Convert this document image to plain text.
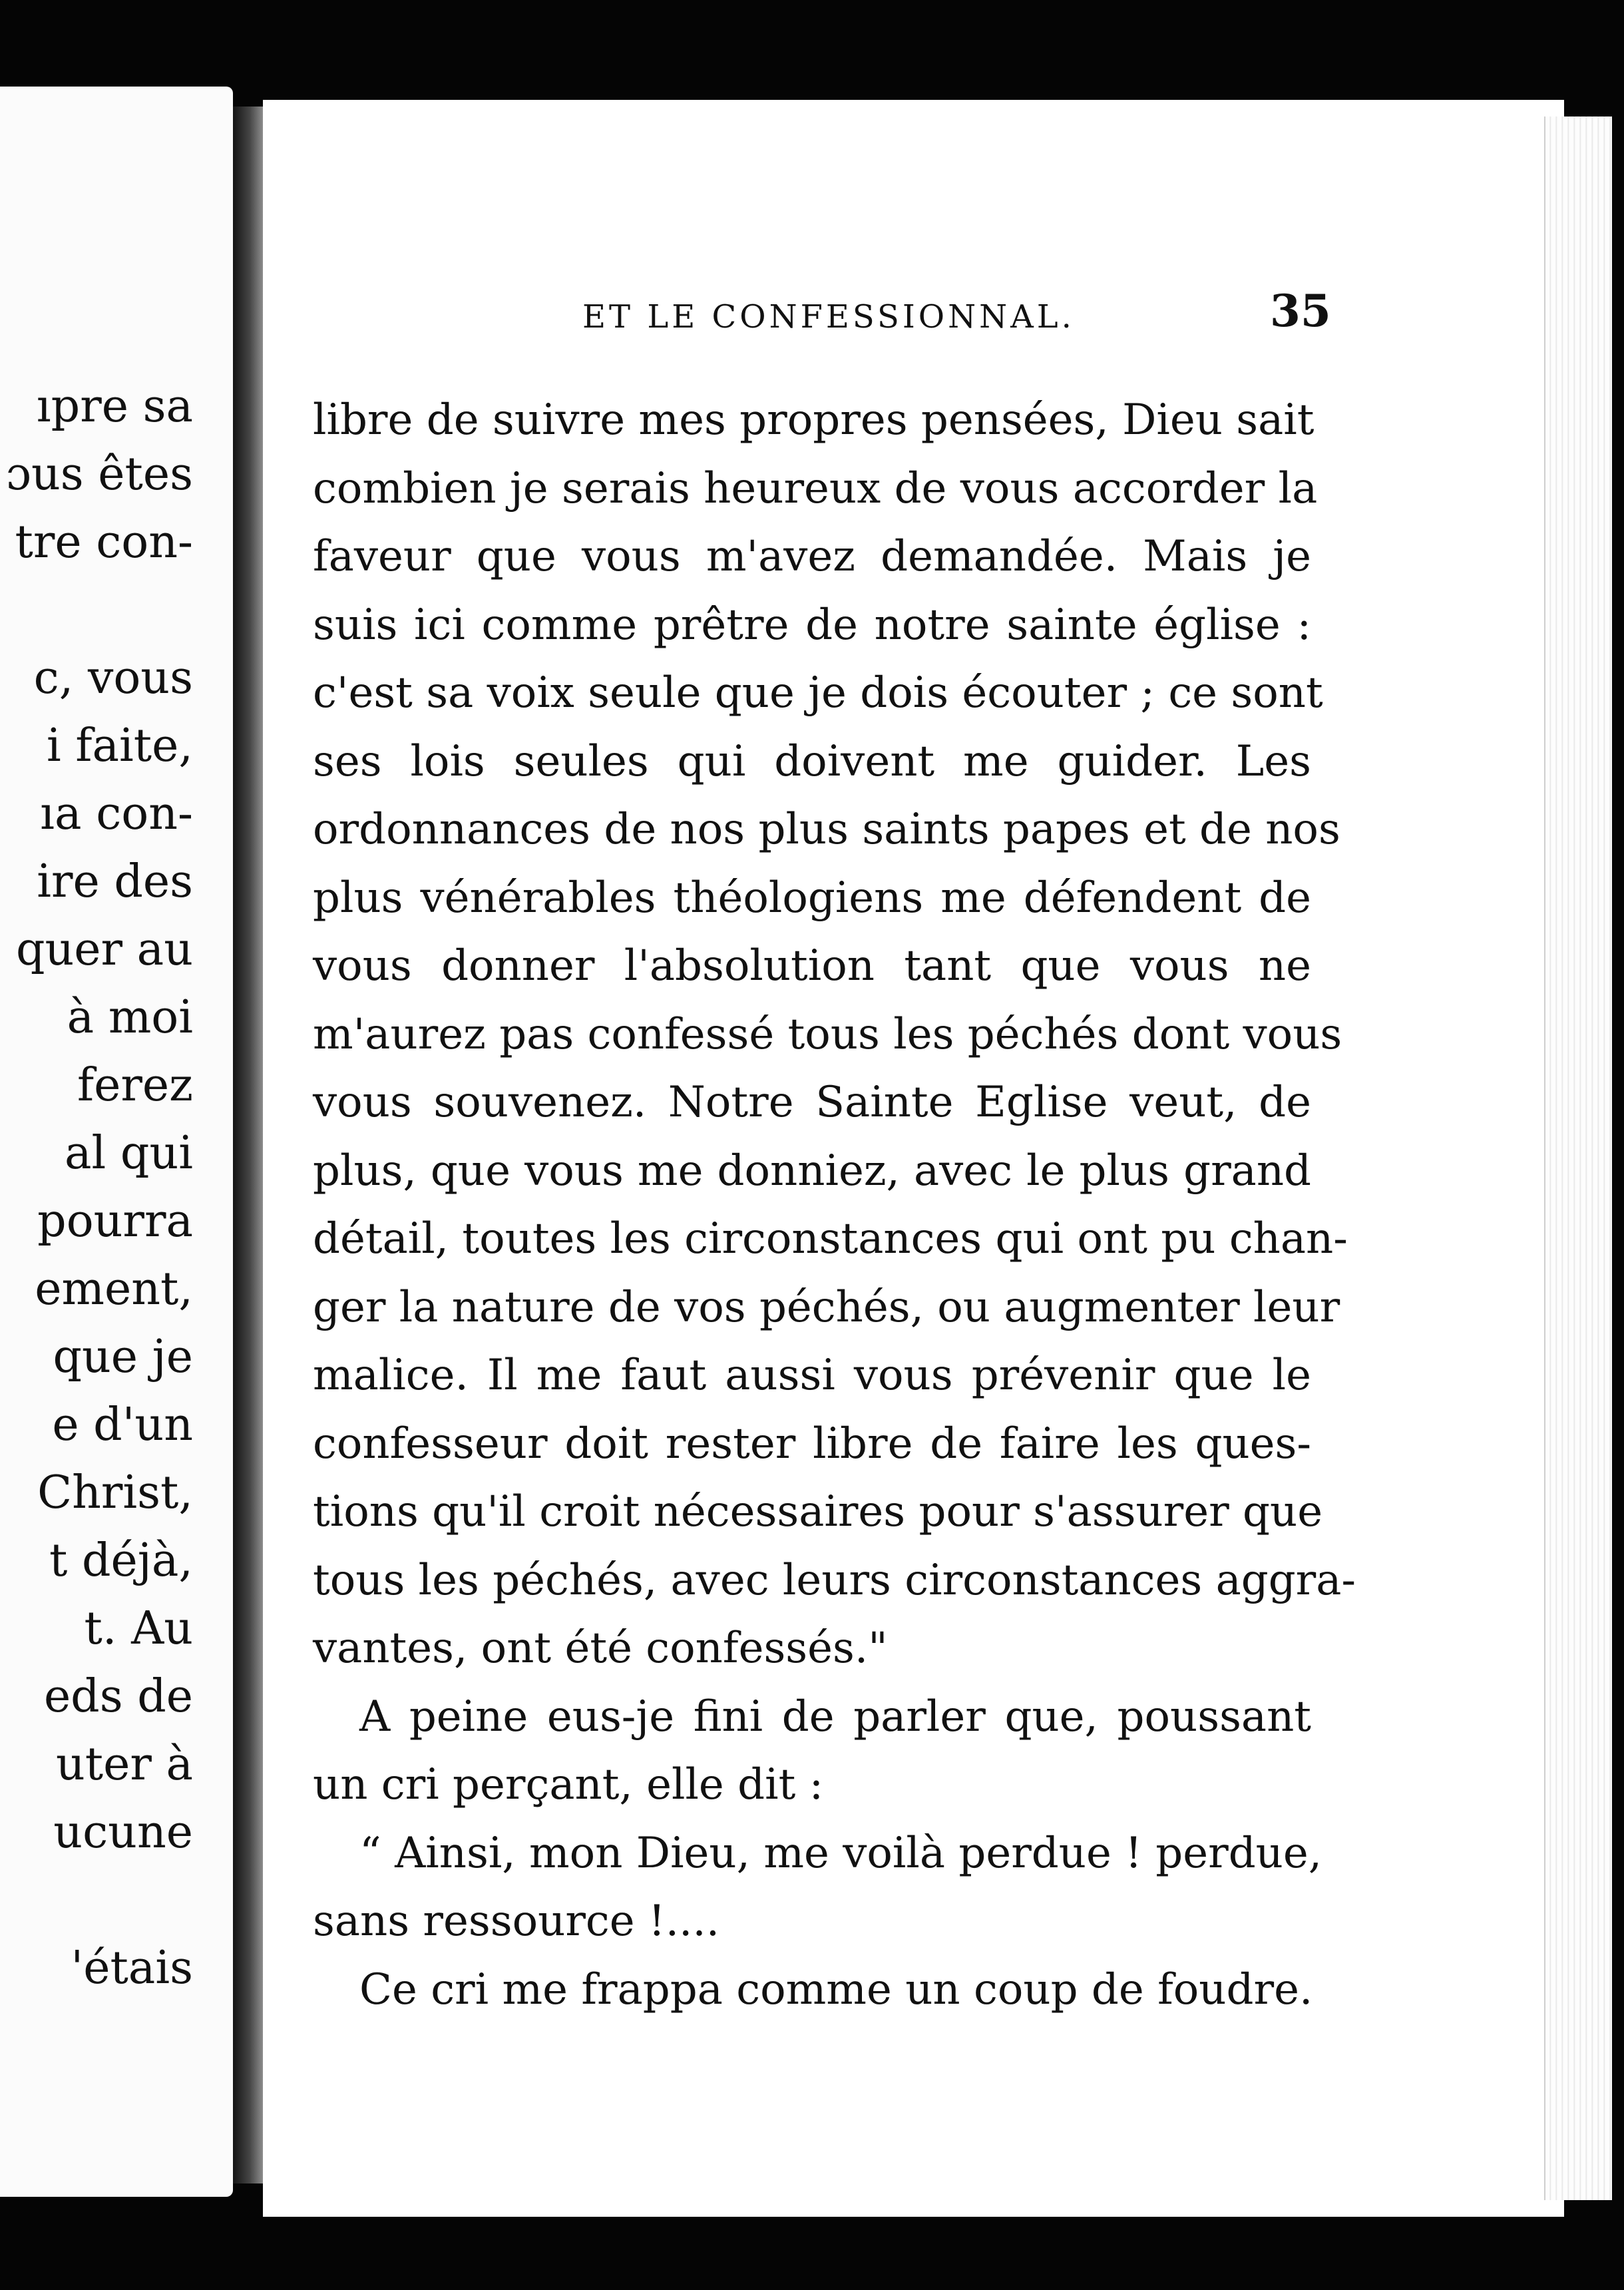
ıpre sa
ɔus êtes
tre con-

c, vous
i faite,
ıa con-
ire des
quer au
à moi
ferez
al qui
pourra
ement,
que je
e d'un
Christ,
t déjà,
t. Au
eds de
uter à
ucune

'étais
ET LE CONFESSIONNAL.	35
libre de suivre mes propres pensées, Dieu sait
combien je serais heureux de vous accorder la
faveur que vous m'avez demandée. Mais je
suis ici comme prêtre de notre sainte église :
c'est sa voix seule que je dois écouter ; ce sont
ses lois seules qui doivent me guider. Les
ordonnances de nos plus saints papes et de nos
plus vénérables théologiens me défendent de
vous donner l'absolution tant que vous ne
m'aurez pas confessé tous les péchés dont vous
vous souvenez. Notre Sainte Eglise veut, de
plus, que vous me donniez, avec le plus grand
détail, toutes les circonstances qui ont pu chan-
ger la nature de vos péchés, ou augmenter leur
malice. Il me faut aussi vous prévenir que le
confesseur doit rester libre de faire les ques-
tions qu'il croit nécessaires pour s'assurer que
tous les péchés, avec leurs circonstances aggra-
vantes, ont été confessés."
A peine eus-je fini de parler que, poussant
un cri perçant, elle dit :
“ Ainsi, mon Dieu, me voilà perdue ! perdue,
sans ressource !....
Ce cri me frappa comme un coup de foudre.
